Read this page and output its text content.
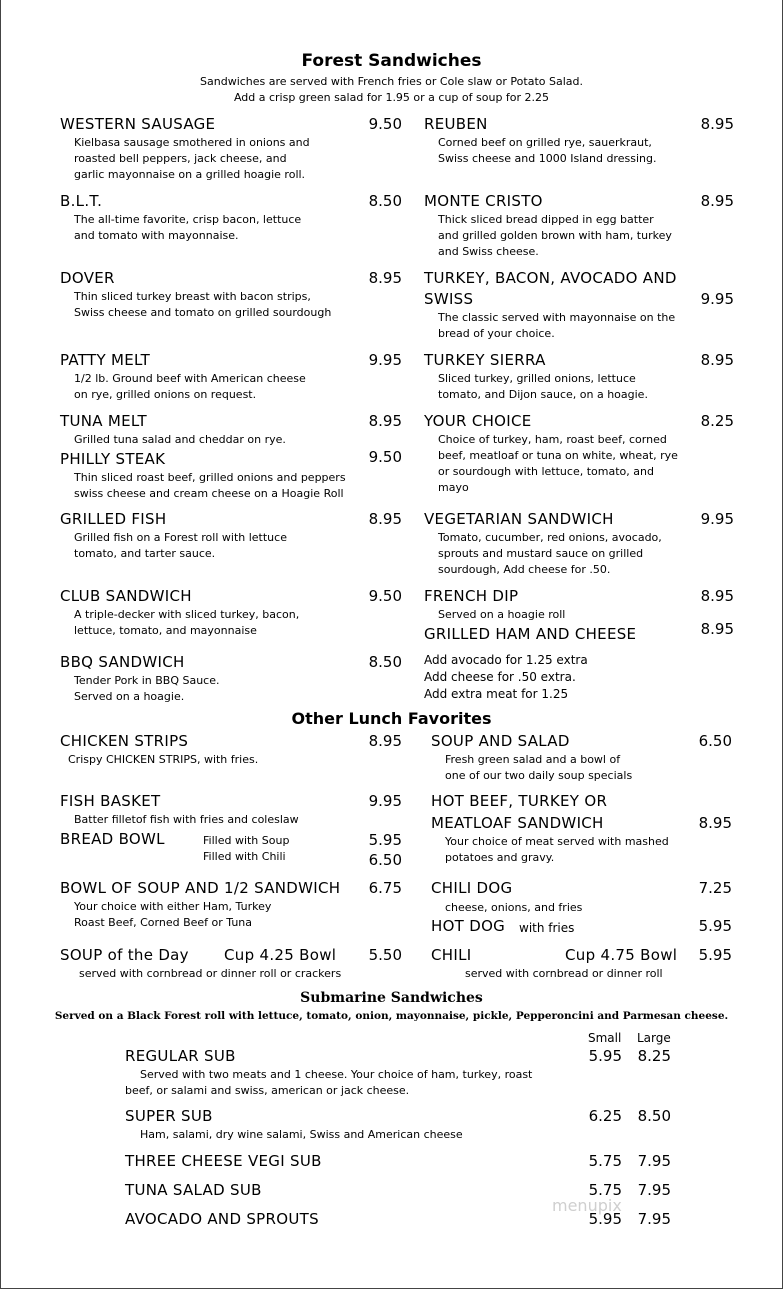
Forest Sandwiches
Sandwiches are served with French fries or Cole slaw or Potato Salad.
Add a crisp green salad for 1.95 or a cup of soup for 2.25
WESTERN SAUSAGE	9.50
Kielbasa sausage smothered in onions and
roasted bell peppers, jack cheese, and
garlic mayonnaise on a grilled hoagie roll.
B.L.T.	8.50
The all-time favorite, crisp bacon, lettuce
and tomato with mayonnaise.
DOVER	8.95
Thin sliced turkey breast with bacon strips,
Swiss cheese and tomato on grilled sourdough
PATTY MELT	9.95
1/2 lb. Ground beef with American cheese
on rye, grilled onions on request.
TUNA MELT	8.95
Grilled tuna salad and cheddar on rye.
PHILLY STEAK	9.50
Thin sliced roast beef, grilled onions and peppers
swiss cheese and cream cheese on a Hoagie Roll
GRILLED FISH	8.95
Grilled fish on a Forest roll with lettuce
tomato, and tarter sauce.
CLUB SANDWICH	9.50
A triple-decker with sliced turkey, bacon,
lettuce, tomato, and mayonnaise
BBQ SANDWICH	8.50
Tender Pork in BBQ Sauce.
Served on a hoagie.
REUBEN	8.95
Corned beef on grilled rye, sauerkraut,
Swiss cheese and 1000 Island dressing.
MONTE CRISTO	8.95
Thick sliced bread dipped in egg batter
and grilled golden brown with ham, turkey
and Swiss cheese.
TURKEY, BACON, AVOCADO AND
SWISS	9.95
The classic served with mayonnaise on the
bread of your choice.
TURKEY SIERRA	8.95
Sliced turkey, grilled onions, lettuce
tomato, and Dijon sauce, on a hoagie.
YOUR CHOICE	8.25
Choice of turkey, ham, roast beef, corned
beef, meatloaf or tuna on white, wheat, rye
or sourdough with lettuce, tomato, and
mayo
VEGETARIAN SANDWICH	9.95
Tomato, cucumber, red onions, avocado,
sprouts and mustard sauce on grilled
sourdough, Add cheese for .50.
FRENCH DIP	8.95
Served on a hoagie roll
GRILLED HAM AND CHEESE	8.95
Add avocado for 1.25 extra
Add cheese for .50 extra.
Add extra meat for 1.25
Other Lunch Favorites
CHICKEN STRIPS	8.95
Crispy CHICKEN STRIPS, with fries.
FISH BASKET	9.95
Batter filletof fish with fries and coleslaw
BREAD BOWL	Filled with Soup	5.95
Filled with Chili	6.50
BOWL OF SOUP AND 1/2 SANDWICH	6.75
Your choice with either Ham, Turkey
Roast Beef, Corned Beef or Tuna
SOUP of the Day Cup 4.25 Bowl	5.50
served with cornbread or dinner roll or crackers
SOUP AND SALAD	6.50
Fresh green salad and a bowl of
one of our two daily soup specials
HOT BEEF, TURKEY OR
MEATLOAF SANDWICH	8.95
Your choice of meat served with mashed
potatoes and gravy.
CHILI DOG	7.25
cheese, onions, and fries
HOT DOG with fries	5.95
CHILI	Cup 4.75 Bowl	5.95
served with cornbread or dinner roll
Submarine Sandwiches
Served on a Black Forest roll with lettuce, tomato, onion, mayonnaise, pickle, Pepperoncini and Parmesan cheese.
Small Large
REGULAR SUB	5.95	8.25
Served with two meats and 1 cheese. Your choice of ham, turkey, roast
beef, or salami and swiss, american or jack cheese.
SUPER SUB	6.25	8.50
Ham, salami, dry wine salami, Swiss and American cheese
THREE CHEESE VEGI SUB	5.75	7.95
TUNA SALAD SUB	5.75	7.95
AVOCADO AND SPROUTS	5.95	7.95
menupix
